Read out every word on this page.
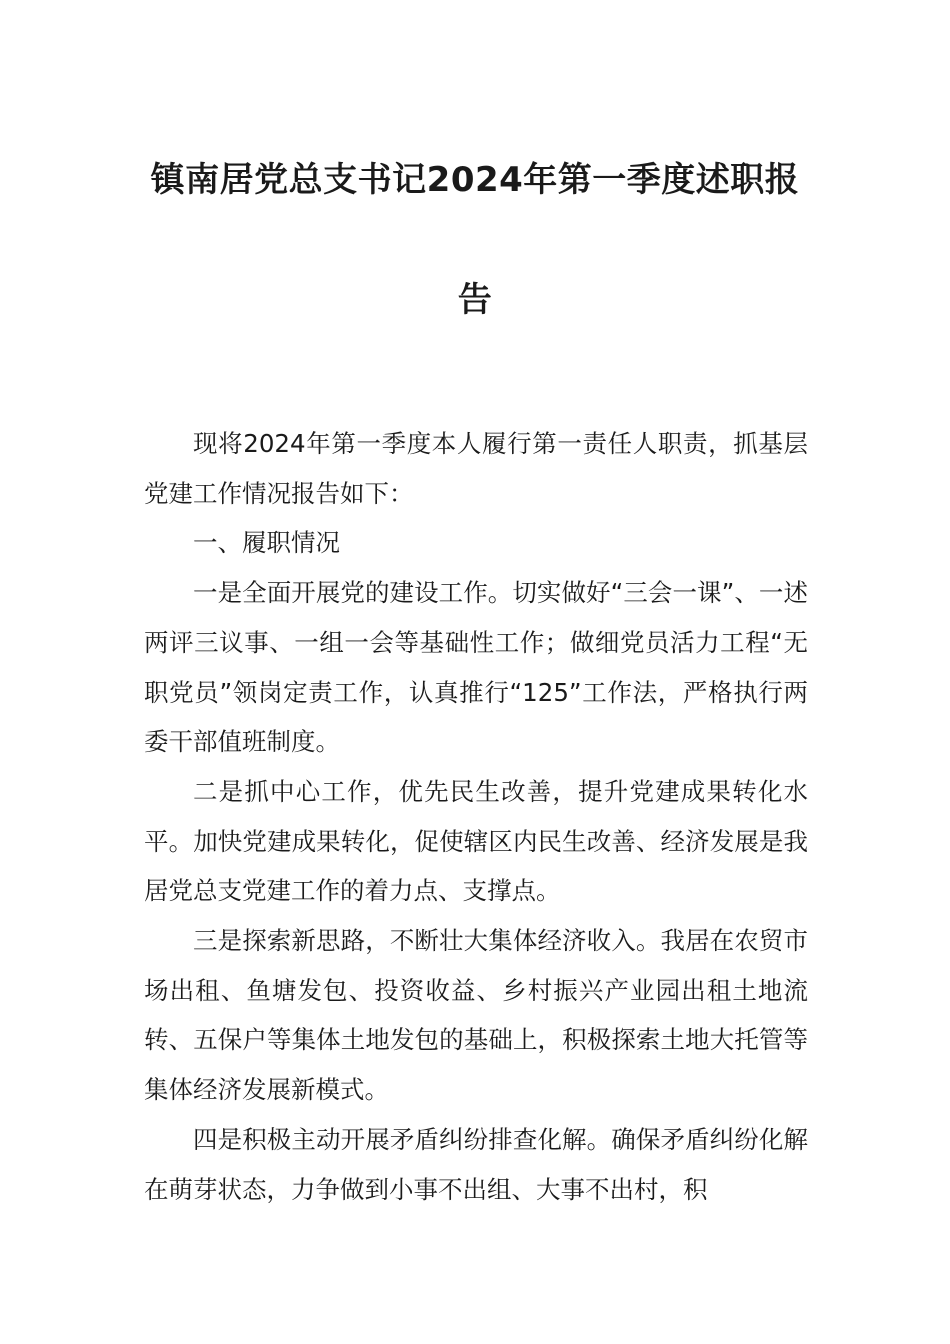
镇南居党总支书记2024年第一季度述职报
告

现将2024年第一季度本人履行第一责任人职责，抓基层党建工作情况报告如下：

一、履职情况

一是全面开展党的建设工作。切实做好“三会一课”、一述两评三议事、一组一会等基础性工作；做细党员活力工程“无职党员”领岗定责工作，认真推行“125”工作法，严格执行两委干部值班制度。

二是抓中心工作，优先民生改善，提升党建成果转化水平。加快党建成果转化，促使辖区内民生改善、经济发展是我居党总支党建工作的着力点、支撑点。

三是探索新思路，不断壮大集体经济收入。我居在农贸市场出租、鱼塘发包、投资收益、乡村振兴产业园出租土地流转、五保户等集体土地发包的基础上，积极探索土地大托管等集体经济发展新模式。

四是积极主动开展矛盾纠纷排查化解。确保矛盾纠纷化解在萌芽状态，力争做到小事不出组、大事不出村，积
